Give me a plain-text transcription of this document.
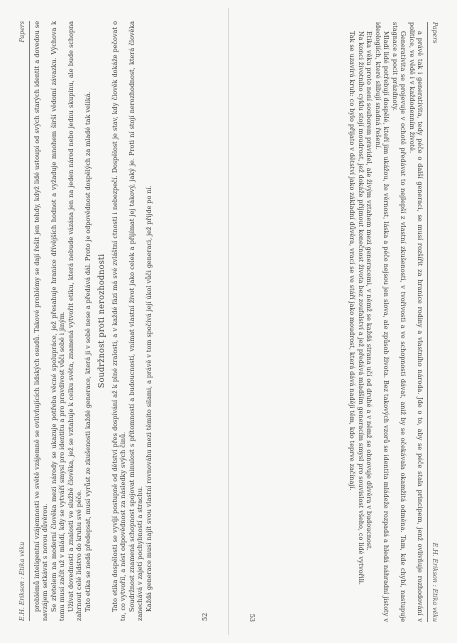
E.H. Erikson : Etika věku
Papers problémů inteligentní vzájemnosti ve světě vzájemně se ovlivňujících lidských osudů. Takové problémy se dají řešit jen tehdy, když lidé ustoupí od svých starých identit a dovedou se navzájem setkávat s novou důvěrou. Se zřetelem na moderní člověka mezi národy se ukazuje potřeba věcné spolupráce, jež přesahuje hranice dřívějších hodnot a vyžaduje mnohem širší vědomí závazku. Výchova k tomu musí začít už v mládí, kdy se vytváří smysl pro identitu a pro pravdivost vůči sobě i jiným. Užívat dovednosti a znalosti ve službě člověka, jež se vztahuje k celku světa, znamená vytvořit etiku, která nebude vázána jen na jeden národ nebo jednu skupinu, ale bude schopna zahrnout celé lidstvo do kruhu své péče. Tato etika se nedá předepsat, musí vyrůst ze zkušenosti každé generace, která ji v sobě nese a předává dál. Proto je odpovědnost dospělých za mladé tak veliká. Soudržnost proti nerozhodnosti Tato etika dospělosti se vyvíjí postupně od dětství přes dospívání až k plné zralosti, a v každé fázi má své zvláštní ctnosti i nebezpečí. Dospělost je stav, kdy člověk dokáže pečovat o to, co vytvořil, a nést odpovědnost za následky svých činů. Soudržnost znamená schopnost spojovat minulost s přítomností a budoucností, vnímat vlastní život jako celek a přijímat jej takový, jaký je. Proti ní stojí nerozhodnost, která člověka zanechává v zajetí pochybností a strachu. Každá generace musí najít svou vlastní rovnováhu mezi těmito silami, a právě v tom spočívá její úkol vůči generaci, jež přijde po ní.

52
Papers
E.H. Erikson : Etika věku

a právě tak i generativita, tedy péče o další generaci, se musí rozšířit za hranice rodiny a vlastního národa. Jde o to, aby se péče stala principem, jenž ovlivňuje rozhodování v politice, ve vědě i v každodenním životě.

Generativita se projevuje v ochotě předávat to nejlepší z vlastní zkušenosti, v tvořivosti a ve schopnosti dávat, aniž by se očekávala okamžitá odměna. Tam, kde chybí, nastupuje stagnace a pocit prázdnoty.

Mladí lidé potřebují dospělé, kteří jim ukážou, že věrnost, láska a péče nejsou jen slova, ale způsob života. Bez takových vzorů se identita mládeže rozpadá a hledá náhradní jistoty v ideologiích, které slibují snadná řešení.

Etika věku proto není souborem pravidel, ale živým vztahem mezi generacemi, v němž se každá strana učí od druhé a v němž se obnovuje důvěra v budoucnost.

Na konci životního cyklu stojí moudrost, jež dokáže přijmout konečnost života bez zoufalství a jež předává mladším generacím smysl pro souvislost všeho, co lidé vytvořili.

Tak se uzavírá kruh: co bylo přijato v dětství jako základní důvěra, vrací se ve stáří jako moudrost, která dává naději těm, kdo teprve začínají.

53
